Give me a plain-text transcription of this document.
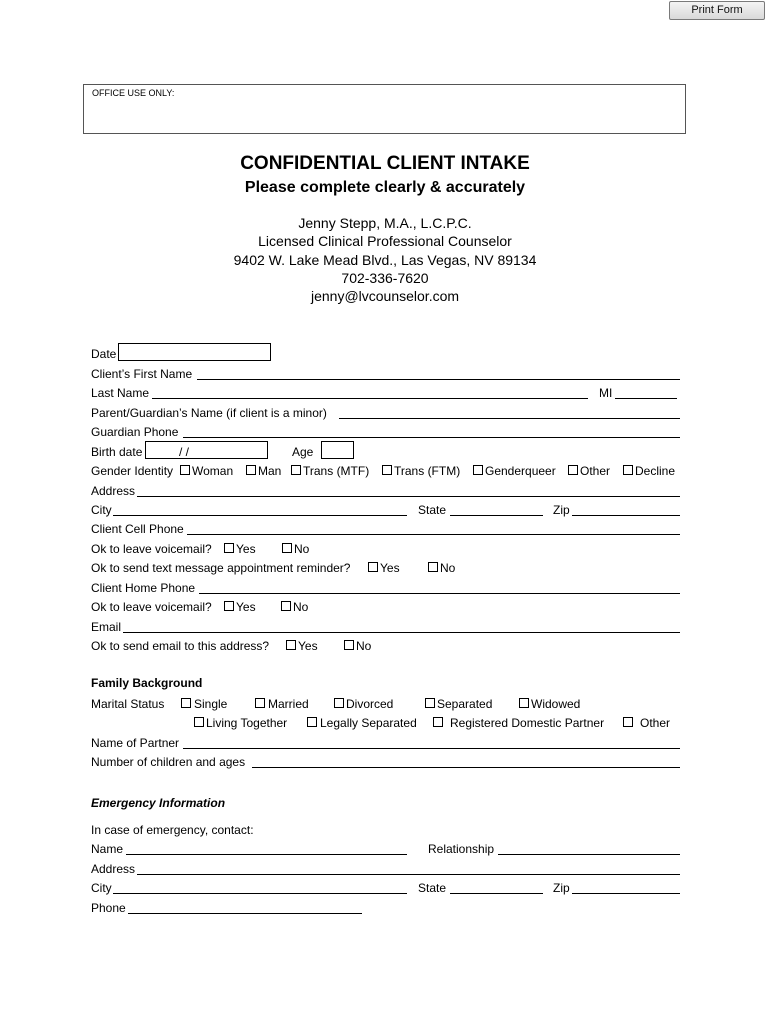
Print Form
OFFICE USE ONLY:
CONFIDENTIAL CLIENT INTAKE
Please complete clearly & accurately
Jenny Stepp, M.A., L.C.P.C.
Licensed Clinical Professional Counselor
9402 W. Lake Mead Blvd., Las Vegas, NV 89134
702-336-7620
jenny@lvcounselor.com
Date
Client’s First Name
Last Name	MI
Parent/Guardian’s Name (if client is a minor)
Guardian Phone
Birth date	/ /	Age
Gender Identity Woman Man Trans (MTF) Trans (FTM) Genderqueer Other Decline
Address
City	State	Zip
Client Cell Phone
Ok to leave voicemail? Yes	No
Ok to send text message appointment reminder? Yes	No
Client Home Phone
Ok to leave voicemail? Yes	No
Email
Ok to send email to this address? Yes	No
Family Background
Marital Status Single	Married	Divorced	Separated	Widowed
Living Together	Legally Separated	Registered Domestic Partner	Other
Name of Partner
Number of children and ages
Emergency Information
In case of emergency, contact:
Name	Relationship
Address
City	State	Zip
Phone
